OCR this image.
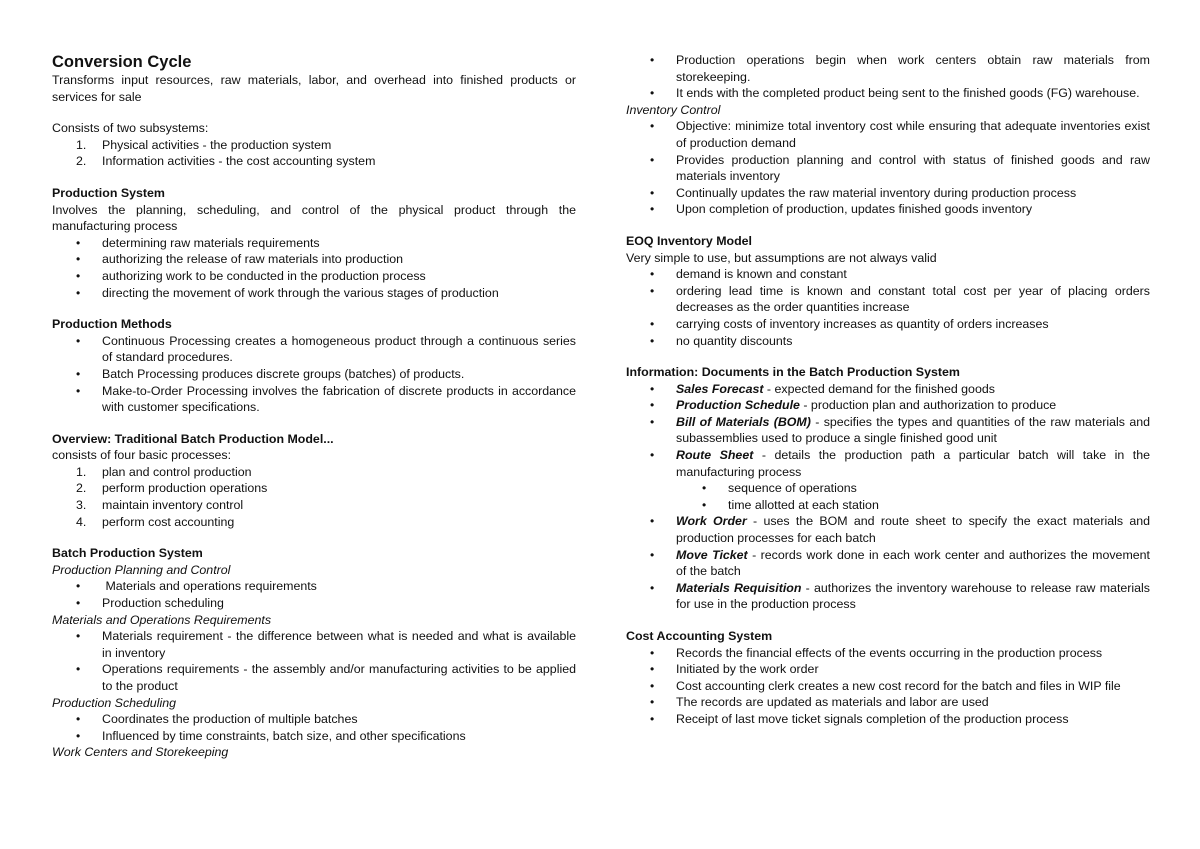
Conversion Cycle

Transforms input resources, raw materials, labor, and overhead into finished products or services for sale

Consists of two subsystems:

1. Physical activities - the production system
2. Information activities - the cost accounting system

Production System

Involves the planning, scheduling, and control of the physical product through the manufacturing process

• determining raw materials requirements
• authorizing the release of raw materials into production
• authorizing work to be conducted in the production process
• directing the movement of work through the various stages of production

Production Methods

• Continuous Processing creates a homogeneous product through a continuous series of standard procedures.
• Batch Processing produces discrete groups (batches) of products.
• Make-to-Order Processing involves the fabrication of discrete products in accordance with customer specifications.

Overview: Traditional Batch Production Model...

consists of four basic processes:

1. plan and control production
2. perform production operations
3. maintain inventory control
4. perform cost accounting

Batch Production System

Production Planning and Control

•  Materials and operations requirements
• Production scheduling

Materials and Operations Requirements

• Materials requirement - the difference between what is needed and what is available in inventory
• Operations requirements - the assembly and/or manufacturing activities to be applied to the product

Production Scheduling

• Coordinates the production of multiple batches
• Influenced by time constraints, batch size, and other specifications

Work Centers and Storekeeping

• Production operations begin when work centers obtain raw materials from storekeeping.
• It ends with the completed product being sent to the finished goods (FG) warehouse.

Inventory Control

• Objective: minimize total inventory cost while ensuring that adequate inventories exist of production demand
• Provides production planning and control with status of finished goods and raw materials inventory
• Continually updates the raw material inventory during production process
• Upon completion of production, updates finished goods inventory

EOQ Inventory Model

Very simple to use, but assumptions are not always valid

• demand is known and constant
• ordering lead time is known and constant total cost per year of placing orders decreases as the order quantities increase
• carrying costs of inventory increases as quantity of orders increases
• no quantity discounts

Information: Documents in the Batch Production System

• Sales Forecast - expected demand for the finished goods
• Production Schedule - production plan and authorization to produce
• Bill of Materials (BOM) - specifies the types and quantities of the raw materials and subassemblies used to produce a single finished good unit
• Route Sheet - details the production path a particular batch will take in the manufacturing process
• sequence of operations
• time allotted at each station
• Work Order - uses the BOM and route sheet to specify the exact materials and production processes for each batch
• Move Ticket - records work done in each work center and authorizes the movement of the batch
• Materials Requisition - authorizes the inventory warehouse to release raw materials for use in the production process

Cost Accounting System

• Records the financial effects of the events occurring in the production process
• Initiated by the work order
• Cost accounting clerk creates a new cost record for the batch and files in WIP file
• The records are updated as materials and labor are used
• Receipt of last move ticket signals completion of the production process
